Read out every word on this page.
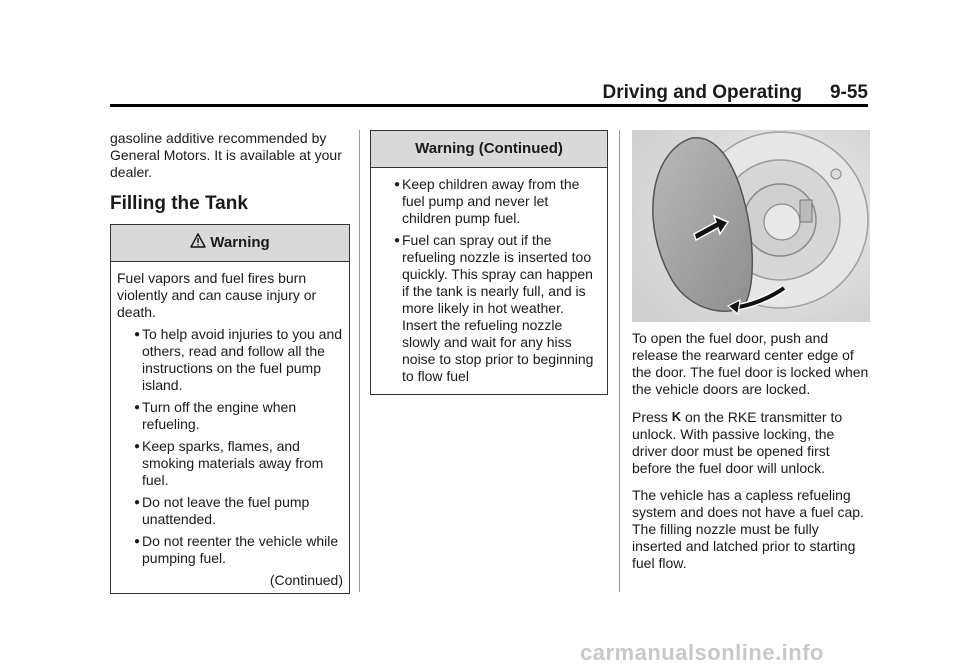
Driving and Operating 9-55

gasoline additive recommended by General Motors. It is available at your dealer.

Filling the Tank
Warning

Fuel vapors and fuel fires burn violently and can cause injury or death.

● To help avoid injuries to you and others, read and follow all the instructions on the fuel pump island.
● Turn off the engine when refueling.
● Keep sparks, flames, and smoking materials away from fuel.
● Do not leave the fuel pump unattended.
● Do not reenter the vehicle while pumping fuel.
(Continued)
Warning (Continued)
● Keep children away from the fuel pump and never let children pump fuel.
● Fuel can spray out if the refueling nozzle is inserted too quickly. This spray can happen if the tank is nearly full, and is more likely in hot weather. Insert the refueling nozzle slowly and wait for any hiss noise to stop prior to beginning to flow fuel

To open the fuel door, push and release the rearward center edge of the door. The fuel door is locked when the vehicle doors are locked.

Press K on the RKE transmitter to unlock. With passive locking, the driver door must be opened first before the fuel door will unlock.

The vehicle has a capless refueling system and does not have a fuel cap. The filling nozzle must be fully inserted and latched prior to starting fuel flow.

carmanualsonline.info
